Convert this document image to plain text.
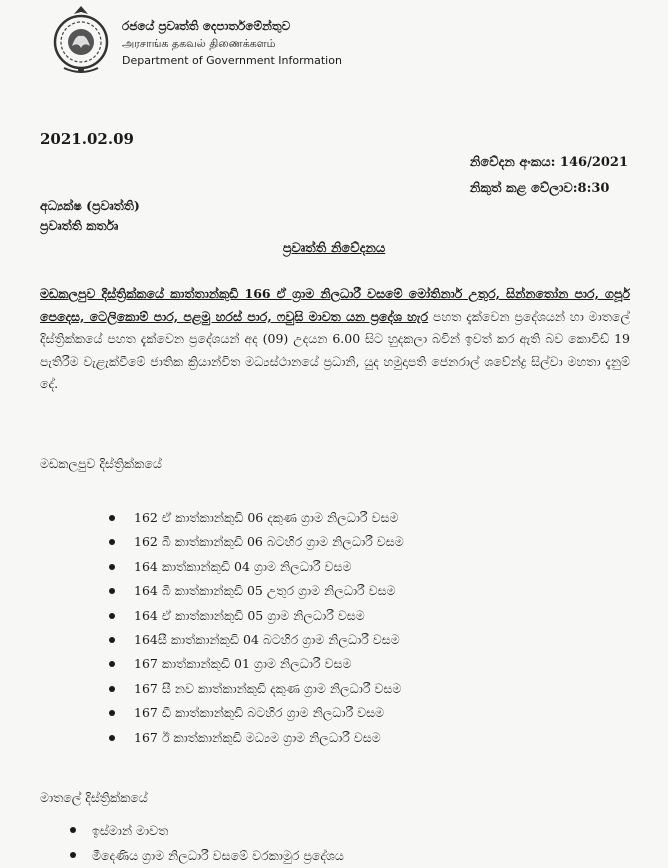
රජයේ ප්‍රවෘත්ති දෙපාර්තමේන්තුව
அரசாங்க தகவல் திணைக்களம்
Department of Government Information
2021.02.09
නිවේදන අංකය: 146/2021
නිකුත් කළ වේලාව:8:30
අධ්‍යක්ෂ (ප්‍රවෘත්ති)
ප්‍රවෘත්ති කර්තෘ
ප්‍රවෘත්ති නිවේදනය
මඩකලපුව දිස්ත්‍රික්කයේ කාත්තාන්කුඩි 166 ඒ ග්‍රාම නිලධාරී වසමේ මෝතිනාර් උතුර, සින්නතෝන පාර, ගපූර් පෙදෙස, ටෙලිකොම් පාර, පළමු හරස් පාර, ෆවුසි මාවත යන ප්‍රදේශ හැර පහත දැක්වෙන ප්‍රදේශයන් හා මාතලේ දිස්ත්‍රික්කයේ පහත දැක්වෙන ප්‍රදේශයන් අද (09) උදයන 6.00 සිට හුදකලා බවින් ඉවත් කර ඇති බව කොවිඩ් 19 පැතිරීම වැළැක්වීමේ ජාතික ක්‍රියාන්විත මධ්‍යස්ථානයේ ප්‍රධානි, යුද හමුදාපති ජෙනරාල් ශවේන්ද්‍ර සිල්වා මහතා දැනුම් දේ.
මඩකලපුව දිස්ත්‍රික්කයේ
162 ඒ කාත්කාන්කුඩි 06 දකුණ ග්‍රාම නිලධාරී වසම
162 බී කාත්කාන්කුඩි 06 බටහිර ග්‍රාම නිලධාරී වසම
164 කාත්කාන්කුඩි 04 ග්‍රාම නිලධාරී වසම
164 බී කාත්කාන්කුඩි 05 උතුර ග්‍රාම නිලධාරී වසම
164 ඒ කාත්කාන්කුඩි 05 ග්‍රාම නිලධාරී වසම
164සී කාත්කාන්කුඩි 04 බටහිර ග්‍රාම නිලධාරී වසම
167 කාත්කාන්කුඩි 01 ග්‍රාම නිලධාරී වසම
167 සී නව කාත්කාන්කුඩි දකුණ ග්‍රාම නිලධාරී වසම
167 ඩී කාත්කාන්කුඩි බටහිර ග්‍රාම නිලධාරී වසම
167 ඊ කාත්කාන්කුඩි මධ්‍යම ග්‍රාම නිලධාරී වසම
මාතලේ දිස්ත්‍රික්කයේ
ඉස්මාන් මාවත
මීදෙණිය ග්‍රාම නිලධාරී වසමේ වරකාමුර ප්‍රදේශය
